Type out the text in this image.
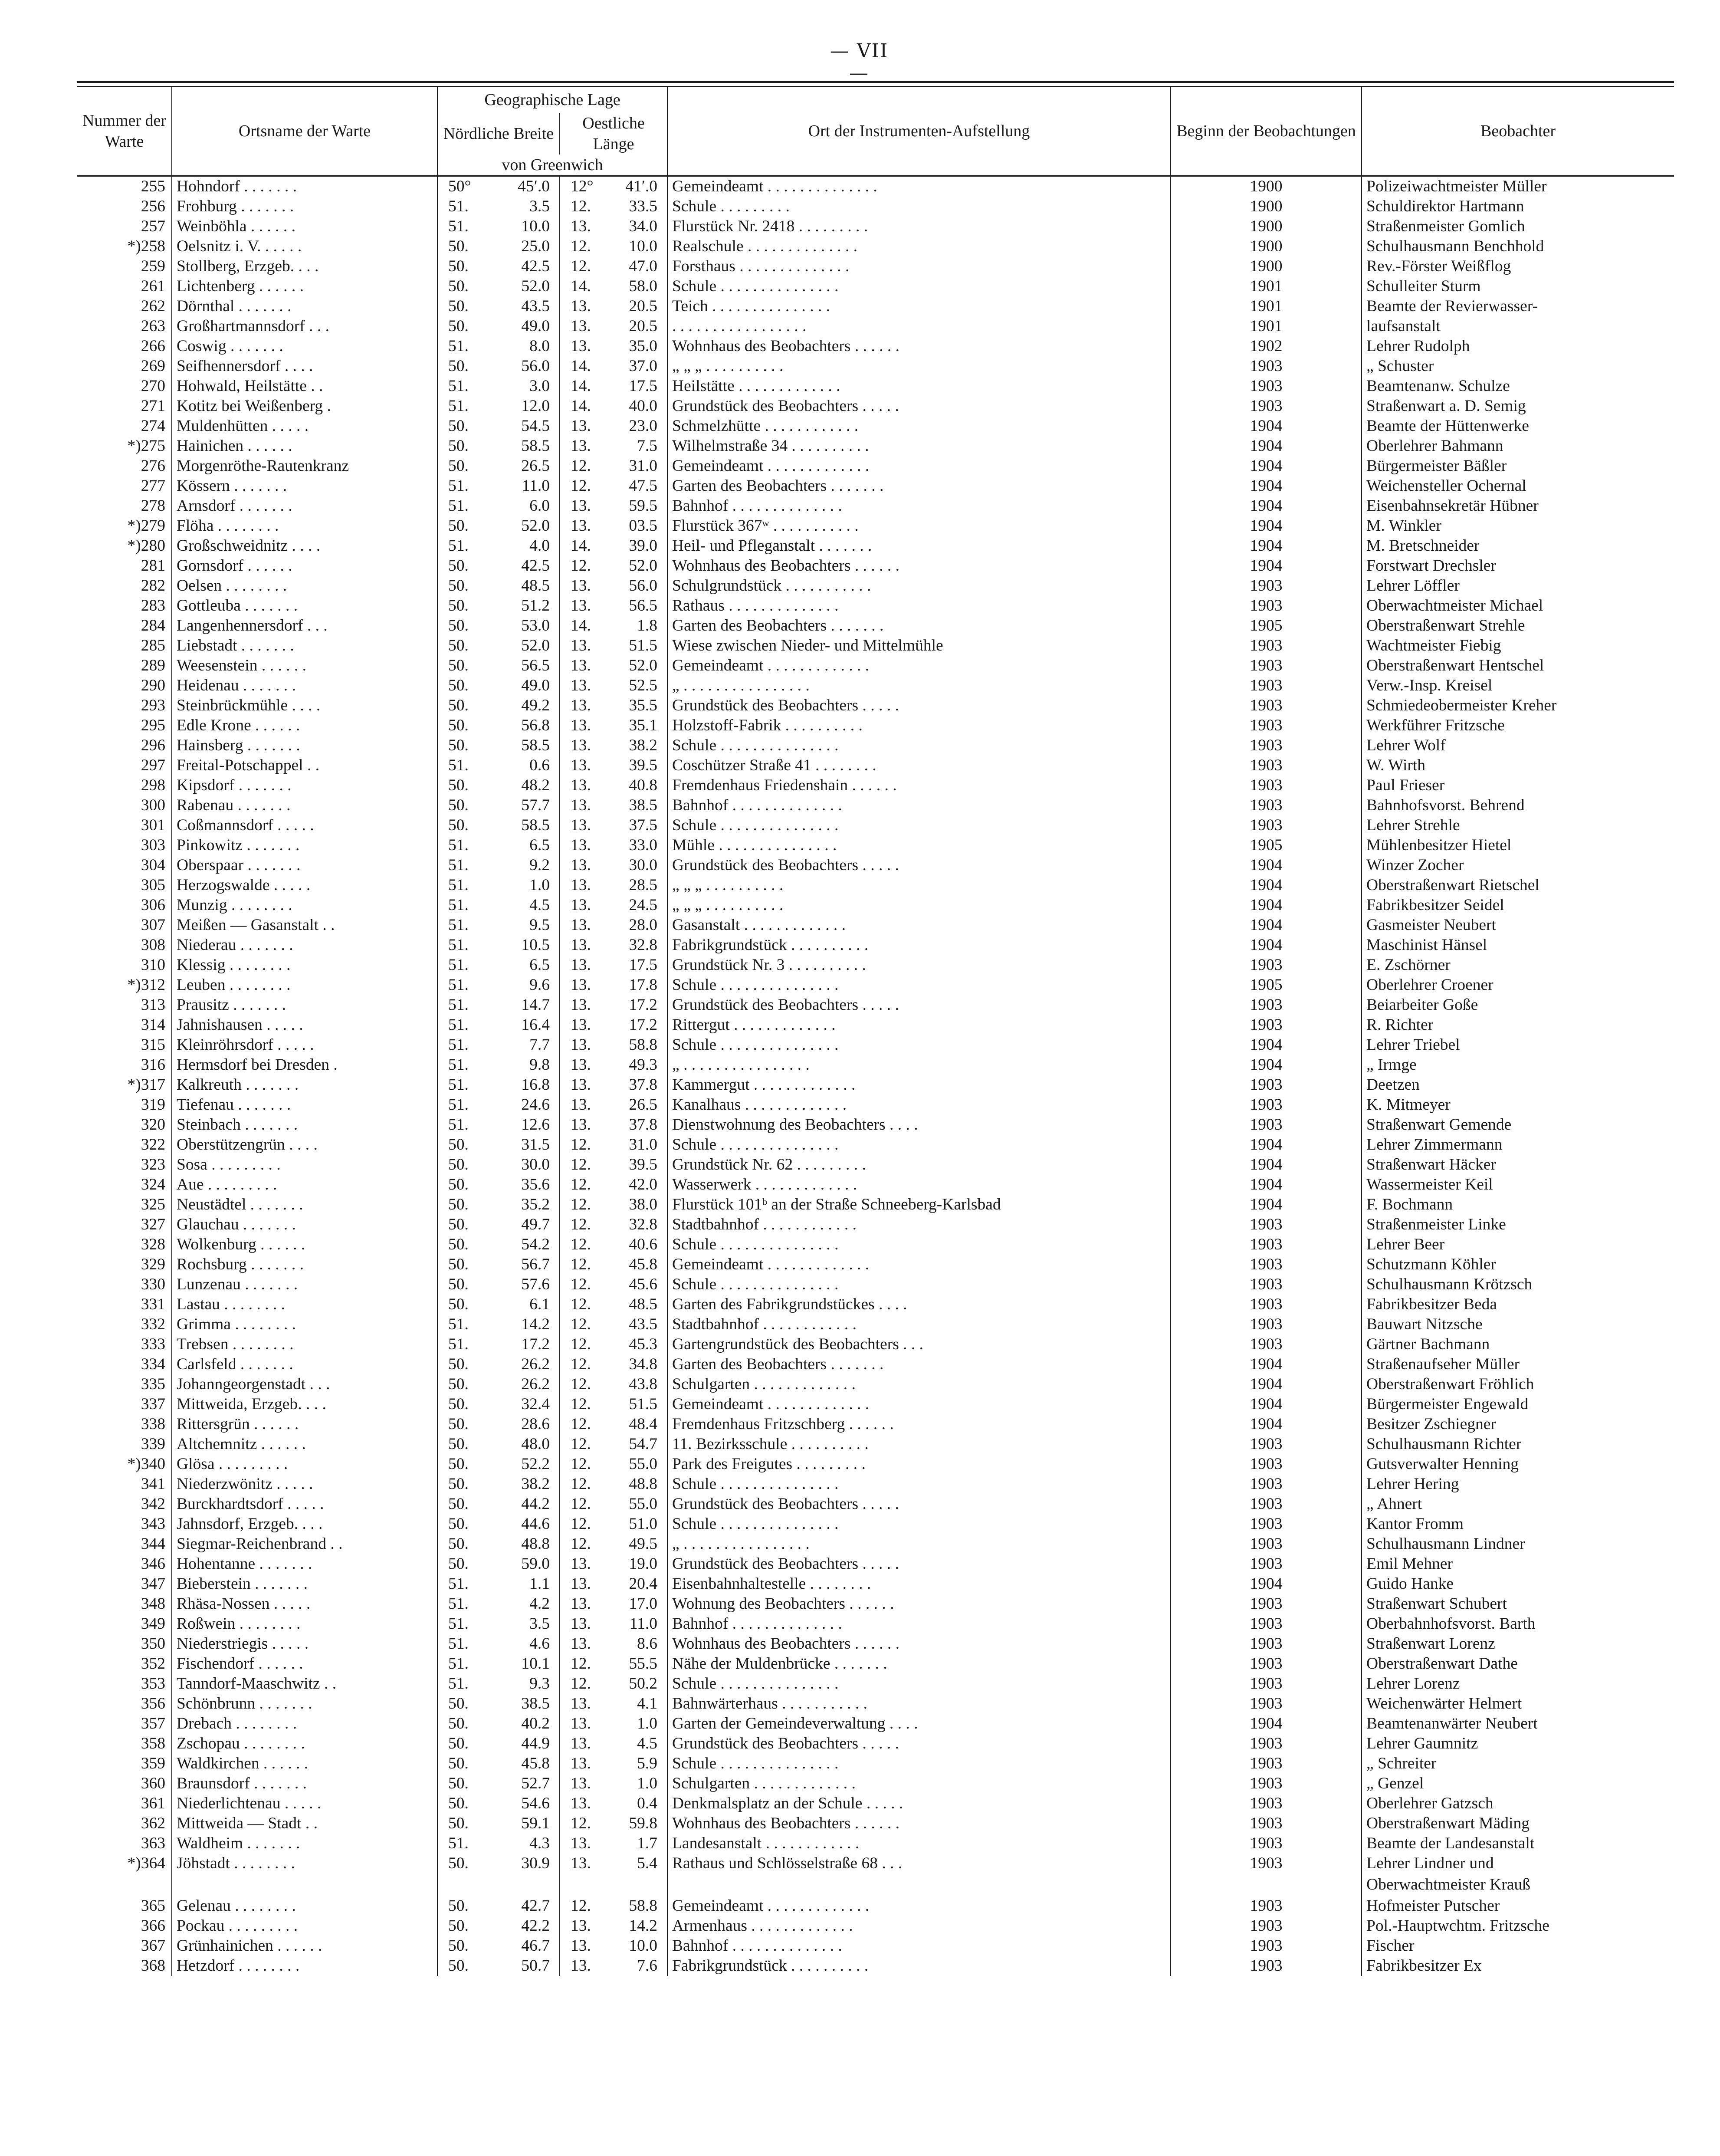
— VII —
Nummer der Warte	Ortsname der Warte	Geographische Lage				Ort der Instrumenten-Aufstellung	Beginn der Beobachtungen	Beobachter
		Nördliche Breite		Oestliche Länge				
		von Greenwich						
255	Hohndorf . . . . . . .	50°	45′.0	12°	41′.0	Gemeindeamt . . . . . . . . . . . . . .	1900	Polizeiwachtmeister Müller
256	Frohburg . . . . . . .	51.	3.5	12.	33.5	Schule . . . . . . . . .	1900	Schuldirektor Hartmann
257	Weinböhla . . . . . .	51.	10.0	13.	34.0	Flurstück Nr. 2418 . . . . . . . . .	1900	Straßenmeister Gomlich
*)258	Oelsnitz i. V. . . . . .	50.	25.0	12.	10.0	Realschule . . . . . . . . . . . . . .	1900	Schulhausmann Benchhold
259	Stollberg, Erzgeb. . . .	50.	42.5	12.	47.0	Forsthaus . . . . . . . . . . . . . .	1900	Rev.-Förster Weißflog
261	Lichtenberg . . . . . .	50.	52.0	14.	58.0	Schule . . . . . . . . . . . . . . .	1901	Schulleiter Sturm
262	Dörnthal . . . . . . .	50.	43.5	13.	20.5	Teich . . . . . . . . . . . . . . .	1901	Beamte der Revierwasser-
263	Großhartmannsdorf . . .	50.	49.0	13.	20.5	. . . . . . . . . . . . . . . . .	1901	laufsanstalt
266	Coswig . . . . . . .	51.	8.0	13.	35.0	Wohnhaus des Beobachters . . . . . .	1902	Lehrer Rudolph
269	Seifhennersdorf . . . .	50.	56.0	14.	37.0	„ „ „ . . . . . . . . . .	1903	„ Schuster
270	Hohwald, Heilstätte . .	51.	3.0	14.	17.5	Heilstätte . . . . . . . . . . . . .	1903	Beamtenanw. Schulze
271	Kotitz bei Weißenberg .	51.	12.0	14.	40.0	Grundstück des Beobachters . . . . .	1903	Straßenwart a. D. Semig
274	Muldenhütten . . . . .	50.	54.5	13.	23.0	Schmelzhütte . . . . . . . . . . . .	1904	Beamte der Hüttenwerke
*)275	Hainichen . . . . . .	50.	58.5	13.	7.5	Wilhelmstraße 34 . . . . . . . . . .	1904	Oberlehrer Bahmann
276	Morgenröthe-Rautenkranz	50.	26.5	12.	31.0	Gemeindeamt . . . . . . . . . . . . .	1904	Bürgermeister Bäßler
277	Kössern . . . . . . .	51.	11.0	12.	47.5	Garten des Beobachters . . . . . . .	1904	Weichensteller Ochernal
278	Arnsdorf . . . . . . .	51.	6.0	13.	59.5	Bahnhof . . . . . . . . . . . . . .	1904	Eisenbahnsekretär Hübner
*)279	Flöha . . . . . . . .	50.	52.0	13.	03.5	Flurstück 367ʷ . . . . . . . . . . .	1904	M. Winkler
*)280	Großschweidnitz . . . .	51.	4.0	14.	39.0	Heil- und Pfleganstalt . . . . . . .	1904	M. Bretschneider
281	Gornsdorf . . . . . .	50.	42.5	12.	52.0	Wohnhaus des Beobachters . . . . . .	1904	Forstwart Drechsler
282	Oelsen . . . . . . . .	50.	48.5	13.	56.0	Schulgrundstück . . . . . . . . . . .	1903	Lehrer Löffler
283	Gottleuba . . . . . . .	50.	51.2	13.	56.5	Rathaus . . . . . . . . . . . . . .	1903	Oberwachtmeister Michael
284	Langenhennersdorf . . .	50.	53.0	14.	1.8	Garten des Beobachters . . . . . . .	1905	Oberstraßenwart Strehle
285	Liebstadt . . . . . . .	50.	52.0	13.	51.5	Wiese zwischen Nieder- und Mittelmühle	1903	Wachtmeister Fiebig
289	Weesenstein . . . . . .	50.	56.5	13.	52.0	Gemeindeamt . . . . . . . . . . . . .	1903	Oberstraßenwart Hentschel
290	Heidenau . . . . . . .	50.	49.0	13.	52.5	„ . . . . . . . . . . . . . . . .	1903	Verw.-Insp. Kreisel
293	Steinbrückmühle . . . .	50.	49.2	13.	35.5	Grundstück des Beobachters . . . . .	1903	Schmiedeobermeister Kreher
295	Edle Krone . . . . . .	50.	56.8	13.	35.1	Holzstoff-Fabrik . . . . . . . . . .	1903	Werkführer Fritzsche
296	Hainsberg . . . . . . .	50.	58.5	13.	38.2	Schule . . . . . . . . . . . . . . .	1903	Lehrer Wolf
297	Freital-Potschappel . .	51.	0.6	13.	39.5	Coschützer Straße 41 . . . . . . . .	1903	W. Wirth
298	Kipsdorf . . . . . . .	50.	48.2	13.	40.8	Fremdenhaus Friedenshain . . . . . .	1903	Paul Frieser
300	Rabenau . . . . . . .	50.	57.7	13.	38.5	Bahnhof . . . . . . . . . . . . . .	1903	Bahnhofsvorst. Behrend
301	Coßmannsdorf . . . . .	50.	58.5	13.	37.5	Schule . . . . . . . . . . . . . . .	1903	Lehrer Strehle
303	Pinkowitz . . . . . . .	51.	6.5	13.	33.0	Mühle . . . . . . . . . . . . . . .	1905	Mühlenbesitzer Hietel
304	Oberspaar . . . . . . .	51.	9.2	13.	30.0	Grundstück des Beobachters . . . . .	1904	Winzer Zocher
305	Herzogswalde . . . . .	51.	1.0	13.	28.5	„ „ „ . . . . . . . . . .	1904	Oberstraßenwart Rietschel
306	Munzig . . . . . . . .	51.	4.5	13.	24.5	„ „ „ . . . . . . . . . .	1904	Fabrikbesitzer Seidel
307	Meißen — Gasanstalt . .	51.	9.5	13.	28.0	Gasanstalt . . . . . . . . . . . . .	1904	Gasmeister Neubert
308	Niederau . . . . . . .	51.	10.5	13.	32.8	Fabrikgrundstück . . . . . . . . . .	1904	Maschinist Hänsel
310	Klessig . . . . . . . .	51.	6.5	13.	17.5	Grundstück Nr. 3 . . . . . . . . . .	1903	E. Zschörner
*)312	Leuben . . . . . . . .	51.	9.6	13.	17.8	Schule . . . . . . . . . . . . . . .	1905	Oberlehrer Croener
313	Prausitz . . . . . . .	51.	14.7	13.	17.2	Grundstück des Beobachters . . . . .	1903	Beiarbeiter Goße
314	Jahnishausen . . . . .	51.	16.4	13.	17.2	Rittergut . . . . . . . . . . . . .	1903	R. Richter
315	Kleinröhrsdorf . . . . .	51.	7.7	13.	58.8	Schule . . . . . . . . . . . . . . .	1904	Lehrer Triebel
316	Hermsdorf bei Dresden .	51.	9.8	13.	49.3	„ . . . . . . . . . . . . . . . .	1904	„ Irmge
*)317	Kalkreuth . . . . . . .	51.	16.8	13.	37.8	Kammergut . . . . . . . . . . . . .	1903	Deetzen
319	Tiefenau . . . . . . .	51.	24.6	13.	26.5	Kanalhaus . . . . . . . . . . . . .	1903	K. Mitmeyer
320	Steinbach . . . . . . .	51.	12.6	13.	37.8	Dienstwohnung des Beobachters . . . .	1903	Straßenwart Gemende
322	Oberstützengrün . . . .	50.	31.5	12.	31.0	Schule . . . . . . . . . . . . . . .	1904	Lehrer Zimmermann
323	Sosa . . . . . . . . .	50.	30.0	12.	39.5	Grundstück Nr. 62 . . . . . . . . .	1904	Straßenwart Häcker
324	Aue . . . . . . . . .	50.	35.6	12.	42.0	Wasserwerk . . . . . . . . . . . . .	1904	Wassermeister Keil
325	Neustädtel . . . . . . .	50.	35.2	12.	38.0	Flurstück 101ᵇ an der Straße Schneeberg-Karlsbad	1904	F. Bochmann
327	Glauchau . . . . . . .	50.	49.7	12.	32.8	Stadtbahnhof . . . . . . . . . . . .	1903	Straßenmeister Linke
328	Wolkenburg . . . . . .	50.	54.2	12.	40.6	Schule . . . . . . . . . . . . . . .	1903	Lehrer Beer
329	Rochsburg . . . . . . .	50.	56.7	12.	45.8	Gemeindeamt . . . . . . . . . . . . .	1903	Schutzmann Köhler
330	Lunzenau . . . . . . .	50.	57.6	12.	45.6	Schule . . . . . . . . . . . . . . .	1903	Schulhausmann Krötzsch
331	Lastau . . . . . . . .	50.	6.1	12.	48.5	Garten des Fabrikgrundstückes . . . .	1903	Fabrikbesitzer Beda
332	Grimma . . . . . . . .	51.	14.2	12.	43.5	Stadtbahnhof . . . . . . . . . . . .	1903	Bauwart Nitzsche
333	Trebsen . . . . . . . .	51.	17.2	12.	45.3	Gartengrundstück des Beobachters . . .	1903	Gärtner Bachmann
334	Carlsfeld . . . . . . .	50.	26.2	12.	34.8	Garten des Beobachters . . . . . . .	1904	Straßenaufseher Müller
335	Johanngeorgenstadt . . .	50.	26.2	12.	43.8	Schulgarten . . . . . . . . . . . . .	1904	Oberstraßenwart Fröhlich
337	Mittweida, Erzgeb. . . .	50.	32.4	12.	51.5	Gemeindeamt . . . . . . . . . . . . .	1904	Bürgermeister Engewald
338	Rittersgrün . . . . . .	50.	28.6	12.	48.4	Fremdenhaus Fritzschberg . . . . . .	1904	Besitzer Zschiegner
339	Altchemnitz . . . . . .	50.	48.0	12.	54.7	11. Bezirksschule . . . . . . . . . .	1903	Schulhausmann Richter
*)340	Glösa . . . . . . . . .	50.	52.2	12.	55.0	Park des Freigutes . . . . . . . . .	1903	Gutsverwalter Henning
341	Niederzwönitz . . . . .	50.	38.2	12.	48.8	Schule . . . . . . . . . . . . . . .	1903	Lehrer Hering
342	Burckhardtsdorf . . . . .	50.	44.2	12.	55.0	Grundstück des Beobachters . . . . .	1903	„ Ahnert
343	Jahnsdorf, Erzgeb. . . .	50.	44.6	12.	51.0	Schule . . . . . . . . . . . . . . .	1903	Kantor Fromm
344	Siegmar-Reichenbrand . .	50.	48.8	12.	49.5	„ . . . . . . . . . . . . . . . .	1903	Schulhausmann Lindner
346	Hohentanne . . . . . . .	50.	59.0	13.	19.0	Grundstück des Beobachters . . . . .	1903	Emil Mehner
347	Bieberstein . . . . . . .	51.	1.1	13.	20.4	Eisenbahnhaltestelle . . . . . . . .	1904	Guido Hanke
348	Rhäsa-Nossen . . . . .	51.	4.2	13.	17.0	Wohnung des Beobachters . . . . . .	1903	Straßenwart Schubert
349	Roßwein . . . . . . . .	51.	3.5	13.	11.0	Bahnhof . . . . . . . . . . . . . .	1903	Oberbahnhofsvorst. Barth
350	Niederstriegis . . . . .	51.	4.6	13.	8.6	Wohnhaus des Beobachters . . . . . .	1903	Straßenwart Lorenz
352	Fischendorf . . . . . .	51.	10.1	12.	55.5	Nähe der Muldenbrücke . . . . . . .	1903	Oberstraßenwart Dathe
353	Tanndorf-Maaschwitz . .	51.	9.3	12.	50.2	Schule . . . . . . . . . . . . . . .	1903	Lehrer Lorenz
356	Schönbrunn . . . . . . .	50.	38.5	13.	4.1	Bahnwärterhaus . . . . . . . . . . .	1903	Weichenwärter Helmert
357	Drebach . . . . . . . .	50.	40.2	13.	1.0	Garten der Gemeindeverwaltung . . . .	1904	Beamtenanwärter Neubert
358	Zschopau . . . . . . . .	50.	44.9	13.	4.5	Grundstück des Beobachters . . . . .	1903	Lehrer Gaumnitz
359	Waldkirchen . . . . . .	50.	45.8	13.	5.9	Schule . . . . . . . . . . . . . . .	1903	„ Schreiter
360	Braunsdorf . . . . . . .	50.	52.7	13.	1.0	Schulgarten . . . . . . . . . . . . .	1903	„ Genzel
361	Niederlichtenau . . . . .	50.	54.6	13.	0.4	Denkmalsplatz an der Schule . . . . .	1903	Oberlehrer Gatzsch
362	Mittweida — Stadt . .	50.	59.1	12.	59.8	Wohnhaus des Beobachters . . . . . .	1903	Oberstraßenwart Mäding
363	Waldheim . . . . . . .	51.	4.3	13.	1.7	Landesanstalt . . . . . . . . . . . .	1903	Beamte der Landesanstalt
*)364	Jöhstadt . . . . . . . .	50.	30.9	13.	5.4	Rathaus und Schlösselstraße 68 . . .	1903	Lehrer Lindner und
								Oberwachtmeister Krauß
365	Gelenau . . . . . . . .	50.	42.7	12.	58.8	Gemeindeamt . . . . . . . . . . . . .	1903	Hofmeister Putscher
366	Pockau . . . . . . . . .	50.	42.2	13.	14.2	Armenhaus . . . . . . . . . . . . .	1903	Pol.-Hauptwchtm. Fritzsche
367	Grünhainichen . . . . . .	50.	46.7	13.	10.0	Bahnhof . . . . . . . . . . . . . .	1903	Fischer
368	Hetzdorf . . . . . . . .	50.	50.7	13.	7.6	Fabrikgrundstück . . . . . . . . . .	1903	Fabrikbesitzer Ex
